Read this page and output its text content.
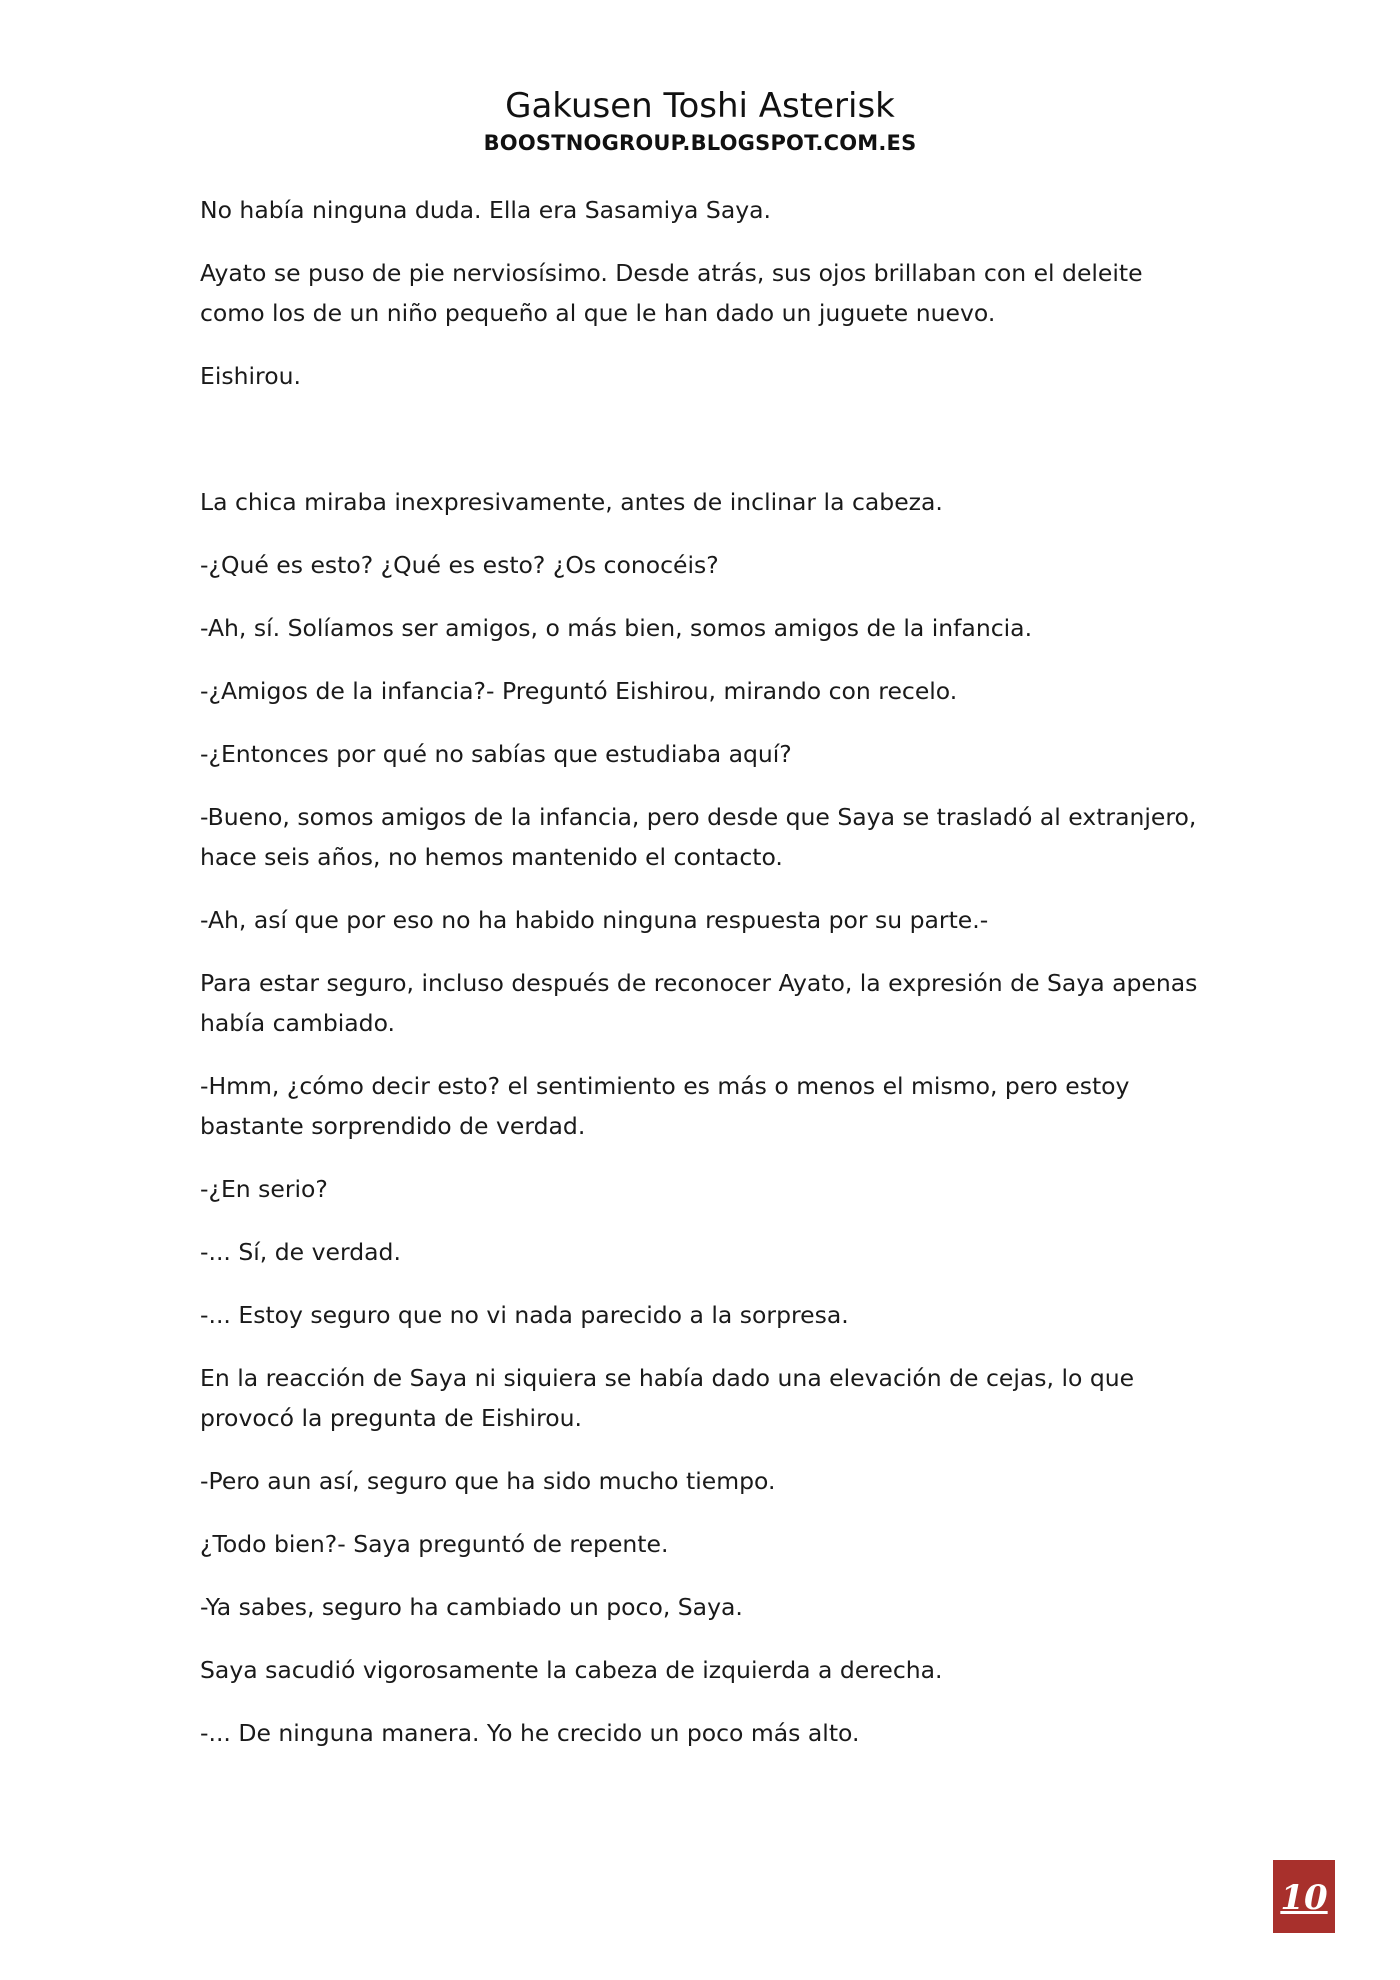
Gakusen Toshi Asterisk
BOOSTNOGROUP.BLOGSPOT.COM.ES

No había ninguna duda. Ella era Sasamiya Saya.

Ayato se puso de pie nerviosísimo. Desde atrás, sus ojos brillaban con el deleite como los de un niño pequeño al que le han dado un juguete nuevo.

Eishirou.

La chica miraba inexpresivamente, antes de inclinar la cabeza.

-¿Qué es esto? ¿Qué es esto? ¿Os conocéis?

-Ah, sí. Solíamos ser amigos, o más bien, somos amigos de la infancia.

-¿Amigos de la infancia?- Preguntó Eishirou, mirando con recelo.

-¿Entonces por qué no sabías que estudiaba aquí?

-Bueno, somos amigos de la infancia, pero desde que Saya se trasladó al extranjero, hace seis años, no hemos mantenido el contacto.

-Ah, así que por eso no ha habido ninguna respuesta por su parte.-

Para estar seguro, incluso después de reconocer Ayato, la expresión de Saya apenas había cambiado.

-Hmm, ¿cómo decir esto? el sentimiento es más o menos el mismo, pero estoy bastante sorprendido de verdad.

-¿En serio?

-... Sí, de verdad.

-... Estoy seguro que no vi nada parecido a la sorpresa.

En la reacción de Saya ni siquiera se había dado una elevación de cejas, lo que provocó la pregunta de Eishirou.

-Pero aun así, seguro que ha sido mucho tiempo.

¿Todo bien?- Saya preguntó de repente.

-Ya sabes, seguro ha cambiado un poco, Saya.

Saya sacudió vigorosamente la cabeza de izquierda a derecha.

-... De ninguna manera. Yo he crecido un poco más alto.

10
